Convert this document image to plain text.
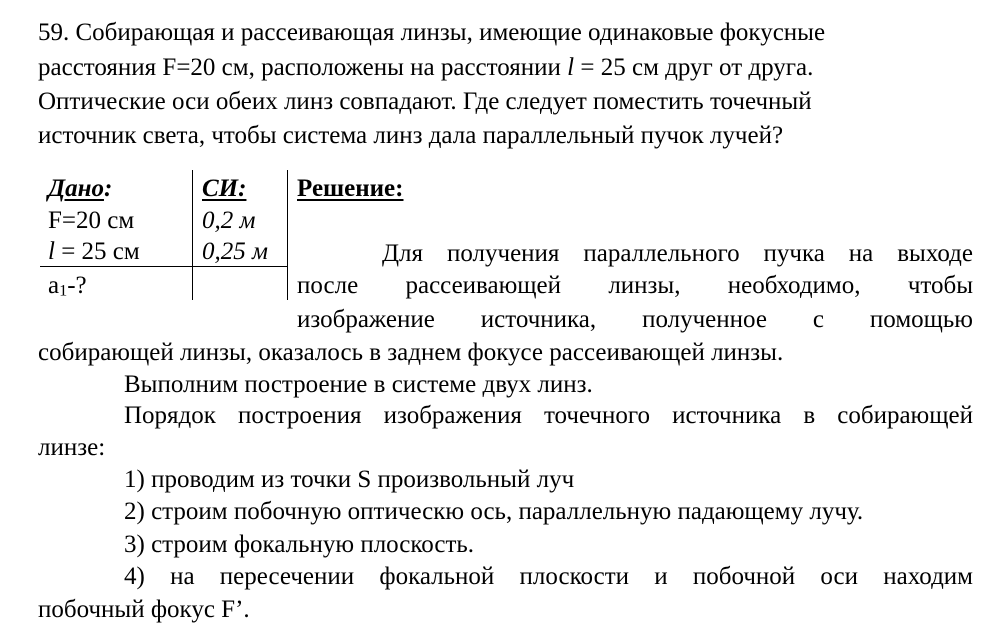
59. Собирающая и рассеивающая линзы, имеющие одинаковые фокусные
расстояния F=20 см, расположены на расстоянии l = 25 см друг от друга.
Оптические оси обеих линз совпадают. Где следует поместить точечный
источник света, чтобы система линз дала параллельный пучок лучей?
Дано:
F=20 см
l = 25 см
$a_1-$?
СИ:
0,2 м
0,25 м
Решение:
Для получения параллельного пучка на выходе
после рассеивающей линзы, необходимо, чтобы
изображение источника, полученное с помощью
собирающей линзы, оказалось в заднем фокусе рассеивающей линзы.
Выполним построение в системе двух линз.
Порядок построения изображения точечного источника в собирающей
линзе:
1) проводим из точки S произвольный луч
2) строим побочную оптическю ось, параллельную падающему лучу.
3) строим фокальную плоскость.
4) на пересечении фокальной плоскости и побочной оси находим
побочный фокус F’.
